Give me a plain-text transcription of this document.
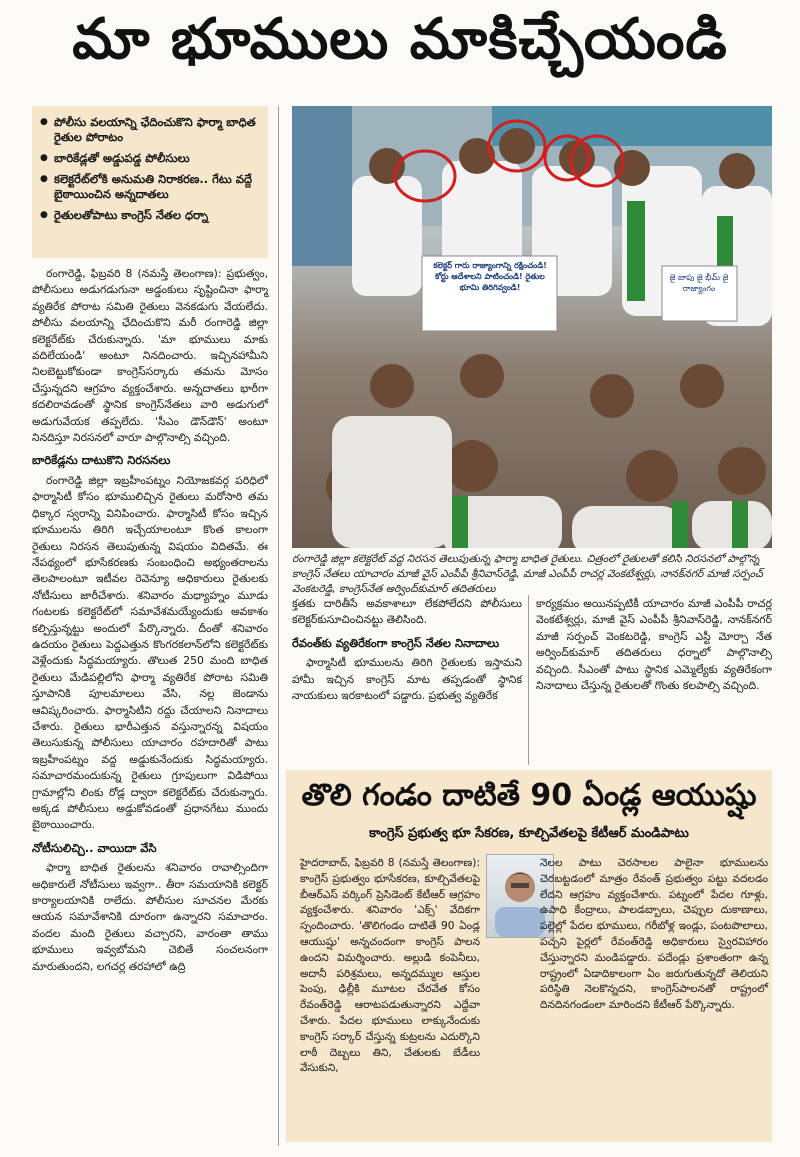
మా భూములు మాకిచ్చేయండి
● పోలీసు వలయాన్ని ఛేదించుకొని ఫార్మా బాధిత రైతుల పోరాటం
● బారికేడ్లతో అడ్డుపడ్డ పోలీసులు
● కలెక్టరేట్‌లోకి అనుమతి నిరాకరణ.. గేటు వద్దే బైఠాయించిన అన్నదాతలు
● రైతులతోపాటు కాంగ్రెస్ నేతల ధర్నా
కలెక్టర్ గారు రాజ్యాంగాన్ని రక్షించండి! కోర్టు ఆదేశాలని పాటించండి! రైతుల భూమి తిరిగివ్వండి!
జై బాపు జై భీమ్ జై రాజ్యాంగం
రంగారెడ్డి జిల్లా కలెక్టరేట్ వద్ద నిరసన తెలుపుతున్న ఫార్మా బాధిత రైతులు. చిత్రంలో రైతులతో కలిసి నిరసనలో పాల్గొన్న కాంగ్రెస్ నేతలు యాచారం మాజీ వైస్ ఎంపీపీ శ్రీనివాస్‌రెడ్డి, మాజీ ఎంపీపీ రాచర్ల వెంకటేశ్వర్లు, నానక్‌నగర్ మాజీ సర్పంచ్ వెంకటరెడ్డి, కాంగ్రెస్‌నేత అర్వింద్‌కుమార్ తదితరులు

రంగారెడ్డి, ఫిబ్రవరి 8 (నమస్తే తెలంగాణ): ప్రభుత్వం, పోలీసులు అడుగడుగునా అడ్డంకులు సృష్టించినా ఫార్మా వ్యతిరేక పోరాట సమితి రైతులు వెనకడుగు వేయలేదు. పోలీసు వలయాన్ని ఛేదించుకొని మరీ రంగారెడ్డి జిల్లా కలెక్టరేట్‌కు చేరుకున్నారు. 'మా భూములు మాకు వదిలేయండి' అంటూ నినదించారు. ఇచ్చినహామీని నిలబెట్టుకోకుండా కాంగ్రెస్‌సర్కారు తమను మోసం చేస్తున్నదని ఆగ్రహం వ్యక్తంచేశారు. అన్నదాతలు భారీగా కదలిరావడంతో స్థానిక కాంగ్రెస్‌నేతలు వారి అడుగులో అడుగువేయక తప్పలేదు. 'సీఎం డౌన్‌డౌన్' అంటూ నినదిస్తూ నిరసనలో వారూ పాల్గొనాల్సి వచ్చింది.

బారికేడ్లను దాటుకొని నిరసనలు

రంగారెడ్డి జిల్లా ఇబ్రహీంపట్నం నియోజకవర్గ పరిధిలో ఫార్మాసిటీ కోసం భూములిచ్చిన రైతులు మరోసారి తమ ధిక్కార స్వరాన్ని వినిపించారు. ఫార్మాసిటీ కోసం ఇచ్చిన భూములను తిరిగి ఇచ్చేయాలంటూ కొంత కాలంగా రైతులు నిరసన తెలుపుతున్న విషయం విదితమే. ఈ నేపథ్యంలో భూసేకరణకు సంబంధించి అభ్యంతరాలను తెలపాలంటూ ఇటీవల రెవెన్యూ అధికారులు రైతులకు నోటీసులు జారీచేశారు. శనివారం మధ్యాహ్నం మూడు గంటలకు కలెక్టరేట్‌లో సమావేశమయ్యేందుకు అవకాశం కల్పిస్తున్నట్టు అందులో పేర్కొన్నారు. దీంతో శనివారం ఉదయం రైతులు పెద్దఎత్తున కొంగరకలాన్‌లోని కలెక్టరేట్‌కు వెళ్లేందుకు సిద్ధమయ్యారు. తొలుత 250 మంది బాధిత రైతులు మేడిపల్లిలోని ఫార్మా వ్యతిరేక పోరాట సమితి స్తూపానికి పూలమాలలు వేసి, నల్ల జెండాను ఆవిష్కరించారు. ఫార్మాసిటీని రద్దు చేయాలని నినాదాలు చేశారు. రైతులు భారీఎత్తున వస్తున్నారన్న విషయం తెలుసుకున్న పోలీసులు యాచారం రహదారితో పాటు ఇబ్రహీంపట్నం వద్ద అడ్డుకునేందుకు సిద్ధమయ్యారు. సమాచారమందుకున్న రైతులు గ్రూపులుగా విడిపోయి గ్రామాల్లోని లింకు రోడ్ల ద్వారా కలెక్టరేట్‌కు చేరుకున్నారు. అక్కడ పోలీసులు అడ్డుకోవడంతో ప్రధానగేటు ముందు బైఠాయించారు.

నోటీసులిచ్చి.. వాయిదా వేసి

ఫార్మా బాధిత రైతులను శనివారం రావాల్సిందిగా అధికారులే నోటీసులు ఇవ్వగా.. తీరా సమయానికి కలెక్టర్ కార్యాలయానికి రాలేదు. పోలీసుల సూచనల మేరకు ఆయన సమావేశానికి దూరంగా ఉన్నారని సమాచారం. వందల మంది రైతులు వచ్చారని, వారంతా తాము భూములు ఇవ్వబోమని చెబితే సంచలనంగా మారుతుందని, లగచర్ల తరహాలో ఉద్రి

క్తతకు దారితీసే అవకాశాలూ లేకపోలేదని పోలీసులు కలెక్టర్‌కుసూచించినట్టు తెలిసింది.

రేవంత్‌కు వ్యతిరేకంగా కాంగ్రెస్ నేతల నినాదాలు

ఫార్మాసిటీ భూములను తిరిగి రైతులకు ఇస్తామని హామీ ఇచ్చిన కాంగ్రెస్ మాట తప్పడంతో స్థానిక నాయకులు ఇరకాటంలో పడ్డారు. ప్రభుత్వ వ్యతిరేక

కార్యక్రమం అయినప్పటికీ యాచారం మాజీ ఎంపీపీ రాచర్ల వెంకటేశ్వర్లు, మాజీ వైస్ ఎంపీపీ శ్రీనివాస్‌రెడ్డి, నానక్‌నగర్ మాజీ సర్పంచ్ వెంకటరెడ్డి, కాంగ్రెస్ ఎస్టీ మోర్చా నేత అర్వింద్‌కుమార్ తదితరులు ధర్నాలో పాల్గొనాల్సి వచ్చింది. సీఎంతో పాటు స్థానిక ఎమ్మెల్యేకు వ్యతిరేకంగా నినాదాలు చేస్తున్న రైతులతో గొంతు కలపాల్సి వచ్చింది.

తొలి గండం దాటితే 90 ఏండ్ల ఆయుష్షు
కాంగ్రెస్ ప్రభుత్వ భూ సేకరణ, కూల్చివేతలపై కేటీఆర్ మండిపాటు
హైదరాబాద్, ఫిబ్రవరి 8 (నమస్తే తెలంగాణ): కాంగ్రెస్ ప్రభుత్వం భూసేకరణ, కూల్చివేతలపై బీఆర్‌ఎస్ వర్కింగ్ ప్రెసిడెంట్ కేటీఆర్ ఆగ్రహం వ్యక్తంచేశారు. శనివారం 'ఎక్స్' వేదికగా స్పందించారు. 'తొలిగండం దాటితే 90 ఏండ్ల ఆయుష్షు' అన్నచందంగా కాంగ్రెస్ పాలన ఉందని విమర్శించారు. అల్లుడి కంపెనీలు, అదానీ పరిశ్రమలు, అన్నదమ్ముల ఆస్తుల పెంపు, ఢిల్లీకి మూటల చేరవేత కోసం రేవంత్‌రెడ్డి ఆరాటపడుతున్నారని ఎద్దేవా చేశారు. పేదల భూములు లాక్కునేందుకు కాంగ్రెస్ సర్కార్ చేస్తున్న కుట్రలను ఎదుర్కొని లాఠీ దెబ్బలు తిని, చేతులకు బేడీలు వేసుకుని,

నెలల పాటు చెరసాలల పాలైనా భూములను చెరబట్టడంలో మాత్రం రేవంత్ ప్రభుత్వం పట్టు వదలడం లేదని ఆగ్రహం వ్యక్తంచేశారు. పట్నంలో పేదల గూళ్లు, ఉపాధి కేంద్రాలు, పాలడబ్బాలు, చెప్పుల దుకాణాలు, పల్లెల్లో పేదల భూములు, గరీబోళ్ల ఇండ్లు, పంటపొలాలు, పచ్చని పైర్లలో రేవంత్‌రెడ్డి అధికారులు స్వైరవిహారం చేస్తున్నారని మండిపడ్డారు. పదేండ్లు ప్రశాంతంగా ఉన్న రాష్ట్రంలో ఏడాదికాలంగా ఏం జరుగుతున్నదో తెలియని పరిస్థితి నెలకొన్నదని, కాంగ్రెస్‌పాలనతో రాష్ట్రంలో దినదినగండంలా మారిందని కేటీఆర్ పేర్కొన్నారు.
